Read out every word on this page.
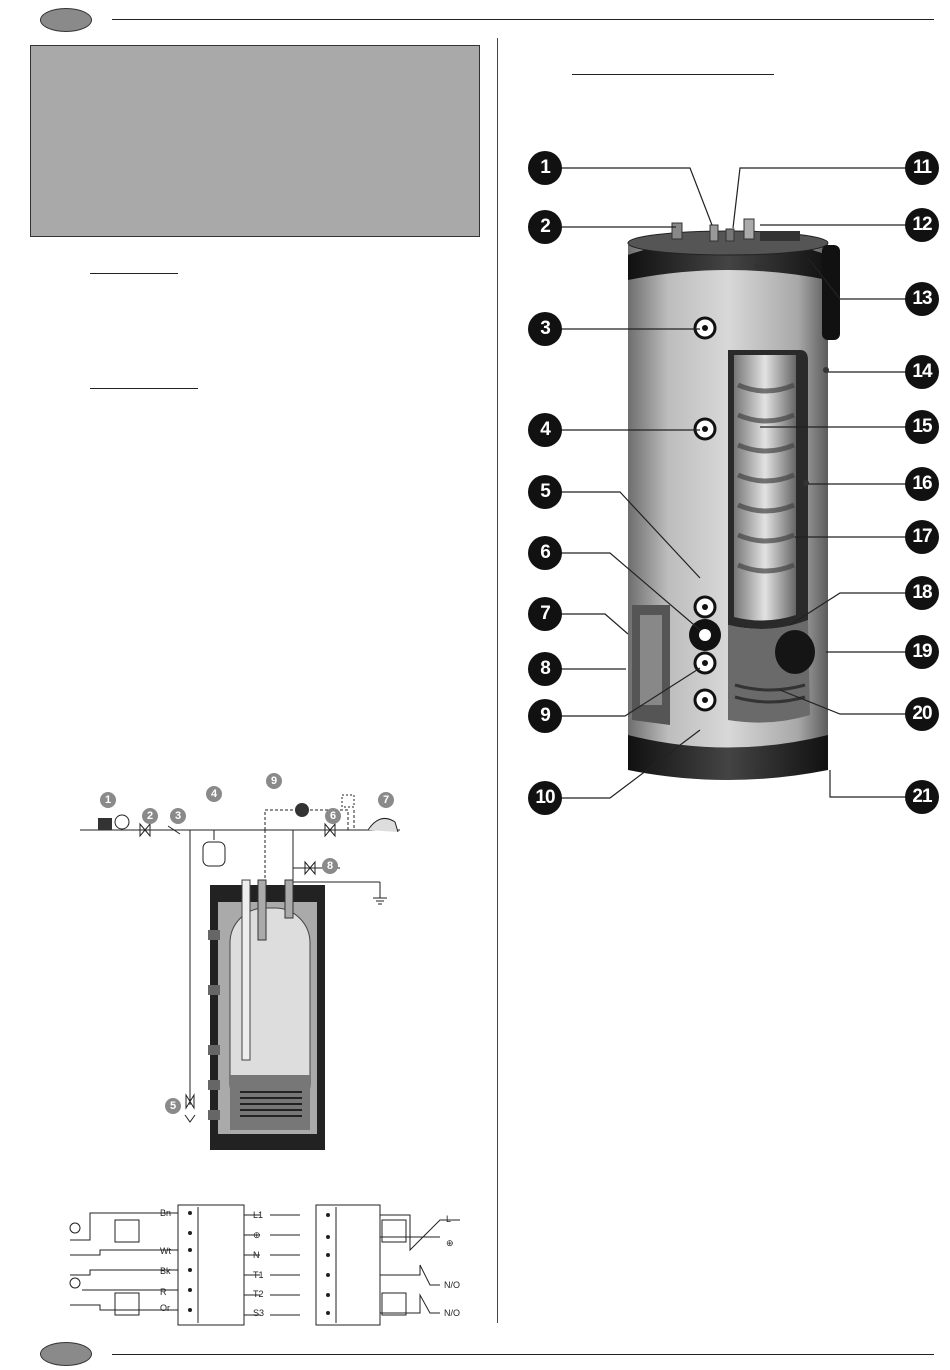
1
2
3
4
5
6
7
8
9
10
11
12
13
14
15
16
17
18
19
20
21
1
2	3
4
5
6
7
8
9
Bn
Wt
Bk
R
Or
L1
⊕
N
T1
T2
S3
L
⊕
N/O
N/O
